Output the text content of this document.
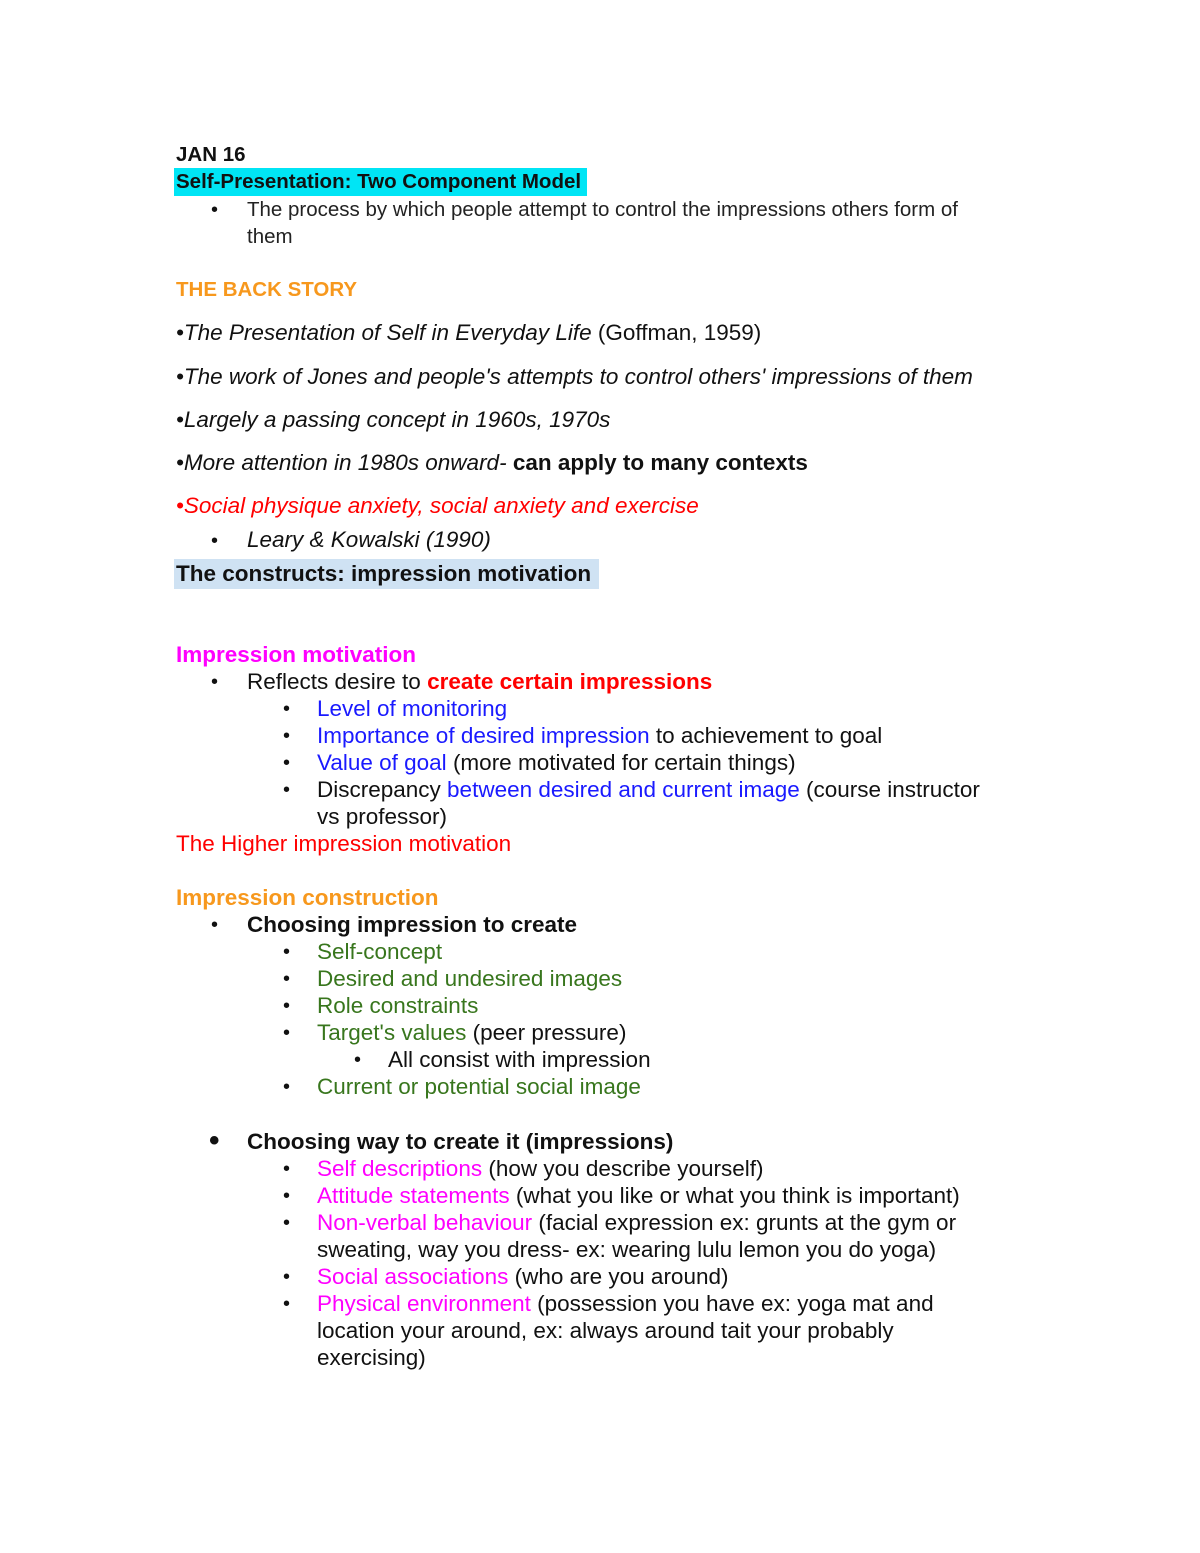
JAN 16
Self-Presentation: Two Component Model
• The process by which people attempt to control the impressions others form of
them
THE BACK STORY
•The Presentation of Self in Everyday Life (Goffman, 1959)
•The work of Jones and people's attempts to control others' impressions of them
•Largely a passing concept in 1960s, 1970s
•More attention in 1980s onward- can apply to many contexts
•Social physique anxiety, social anxiety and exercise
• Leary & Kowalski (1990)
The constructs: impression motivation
Impression motivation
• Reflects desire to create certain impressions
• Level of monitoring
• Importance of desired impression to achievement to goal
• Value of goal (more motivated for certain things)
• Discrepancy between desired and current image (course instructor
vs professor)
The Higher impression motivation
Impression construction
• Choosing impression to create
• Self-concept
• Desired and undesired images
• Role constraints
• Target's values (peer pressure)
• All consist with impression
• Current or potential social image
• Choosing way to create it (impressions)
• Self descriptions (how you describe yourself)
• Attitude statements (what you like or what you think is important)
• Non-verbal behaviour (facial expression ex: grunts at the gym or
sweating, way you dress- ex: wearing lulu lemon you do yoga)
• Social associations (who are you around)
• Physical environment (possession you have ex: yoga mat and
location your around, ex: always around tait your probably
exercising)
